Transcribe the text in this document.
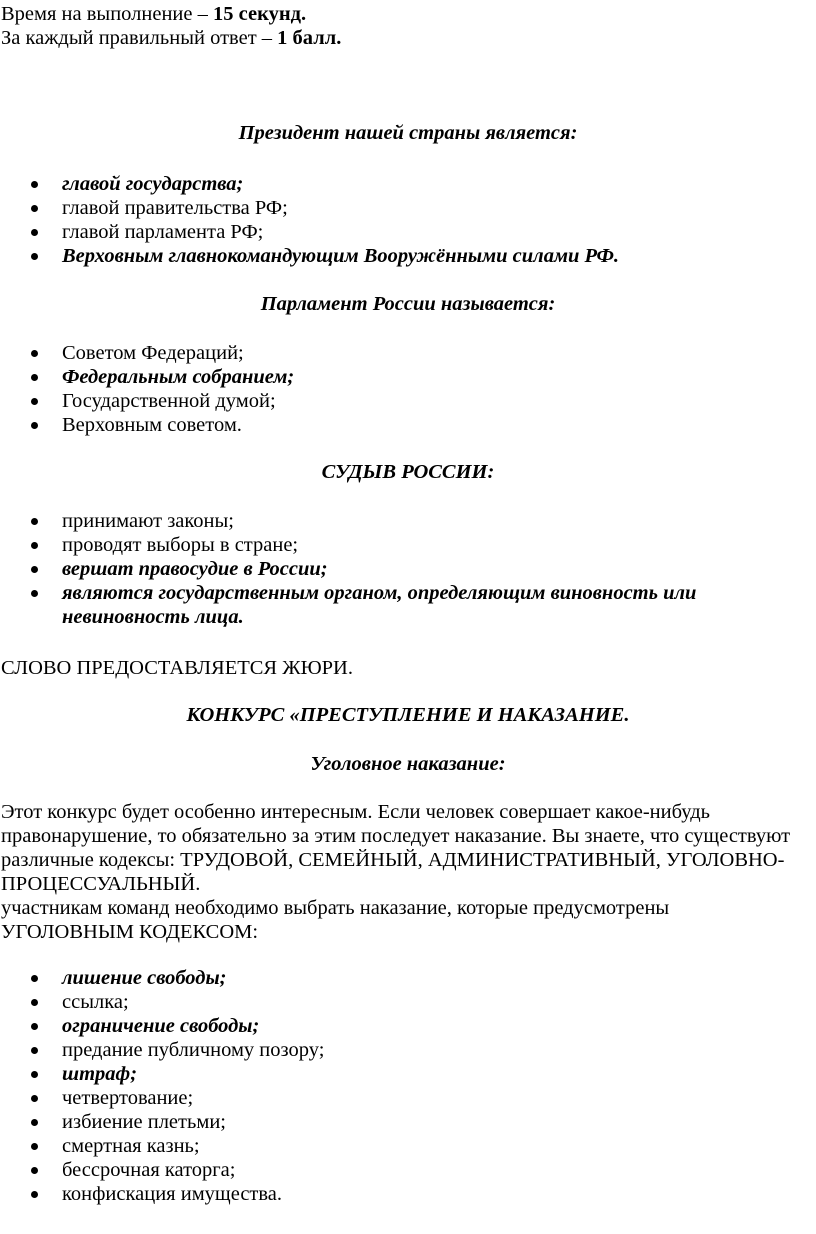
Время на выполнение – 15 секунд.
За каждый правильный ответ – 1 балл.
Президент нашей страны является:
главой государства;
главой правительства РФ;
главой парламента РФ;
Верховным главнокомандующим Вооружёнными силами РФ.
Парламент России называется:
Советом Федераций;
Федеральным собранием;
Государственной думой;
Верховным советом.
СУДЫВ РОССИИ:
принимают законы;
проводят выборы в стране;
вершат правосудие в России;
являются государственным органом, определяющим виновность или невиновность лица.
СЛОВО ПРЕДОСТАВЛЯЕТСЯ ЖЮРИ.
КОНКУРС «ПРЕСТУПЛЕНИЕ И НАКАЗАНИЕ.
Уголовное наказание:
Этот конкурс будет особенно интересным. Если человек совершает какое-нибудь
правонарушение, то обязательно за этим последует наказание. Вы знаете, что существуют
различные кодексы: ТРУДОВОЙ, СЕМЕЙНЫЙ, АДМИНИСТРАТИВНЫЙ, УГОЛОВНО-
ПРОЦЕССУАЛЬНЫЙ.
участникам команд необходимо выбрать наказание, которые предусмотрены
УГОЛОВНЫМ КОДЕКСОМ:
лишение свободы;
ссылка;
ограничение свободы;
предание публичному позору;
штраф;
четвертование;
избиение плетьми;
смертная казнь;
бессрочная каторга;
конфискация имущества.
